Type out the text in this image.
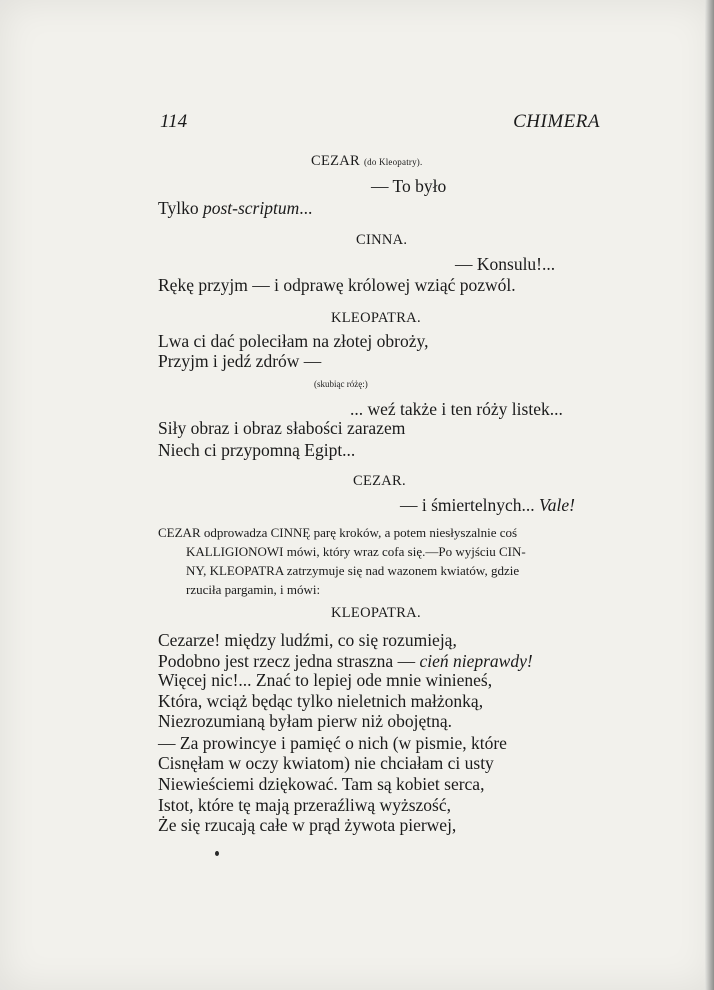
114	CHIMERA
CEZAR (do Kleopatry).
— To było
Tylko post-scriptum...
CINNA.
— Konsulu!...
Rękę przyjm — i odprawę królowej wziąć pozwól.
KLEOPATRA.
Lwa ci dać poleciłam na złotej obroży,
Przyjm i jedź zdrów —
(skubiąc różę:)
... weź także i ten róży listek...
Siły obraz i obraz słabości zarazem
Niech ci przypomną Egipt...
CEZAR.
— i śmiertelnych... Vale!
CEZAR odprowadza CINNĘ parę kroków, a potem niesłyszalnie coś
KALLIGIONOWI mówi, który wraz cofa się.—Po wyjściu CIN-
NY, KLEOPATRA zatrzymuje się nad wazonem kwiatów, gdzie
rzuciła pargamin, i mówi:
KLEOPATRA.
Cezarze! między ludźmi, co się rozumieją,
Podobno jest rzecz jedna straszna — cień nieprawdy!
Więcej nic!... Znać to lepiej ode mnie winieneś,
Która, wciąż będąc tylko nieletnich małżonką,
Niezrozumianą byłam pierw niż obojętną.
— Za prowincye i pamięć o nich (w pismie, które
Cisnęłam w oczy kwiatom) nie chciałam ci usty
Niewieściemi dziękować. Tam są kobiet serca,
Istot, które tę mają przeraźliwą wyższość,
Że się rzucają całe w prąd żywota pierwej,
